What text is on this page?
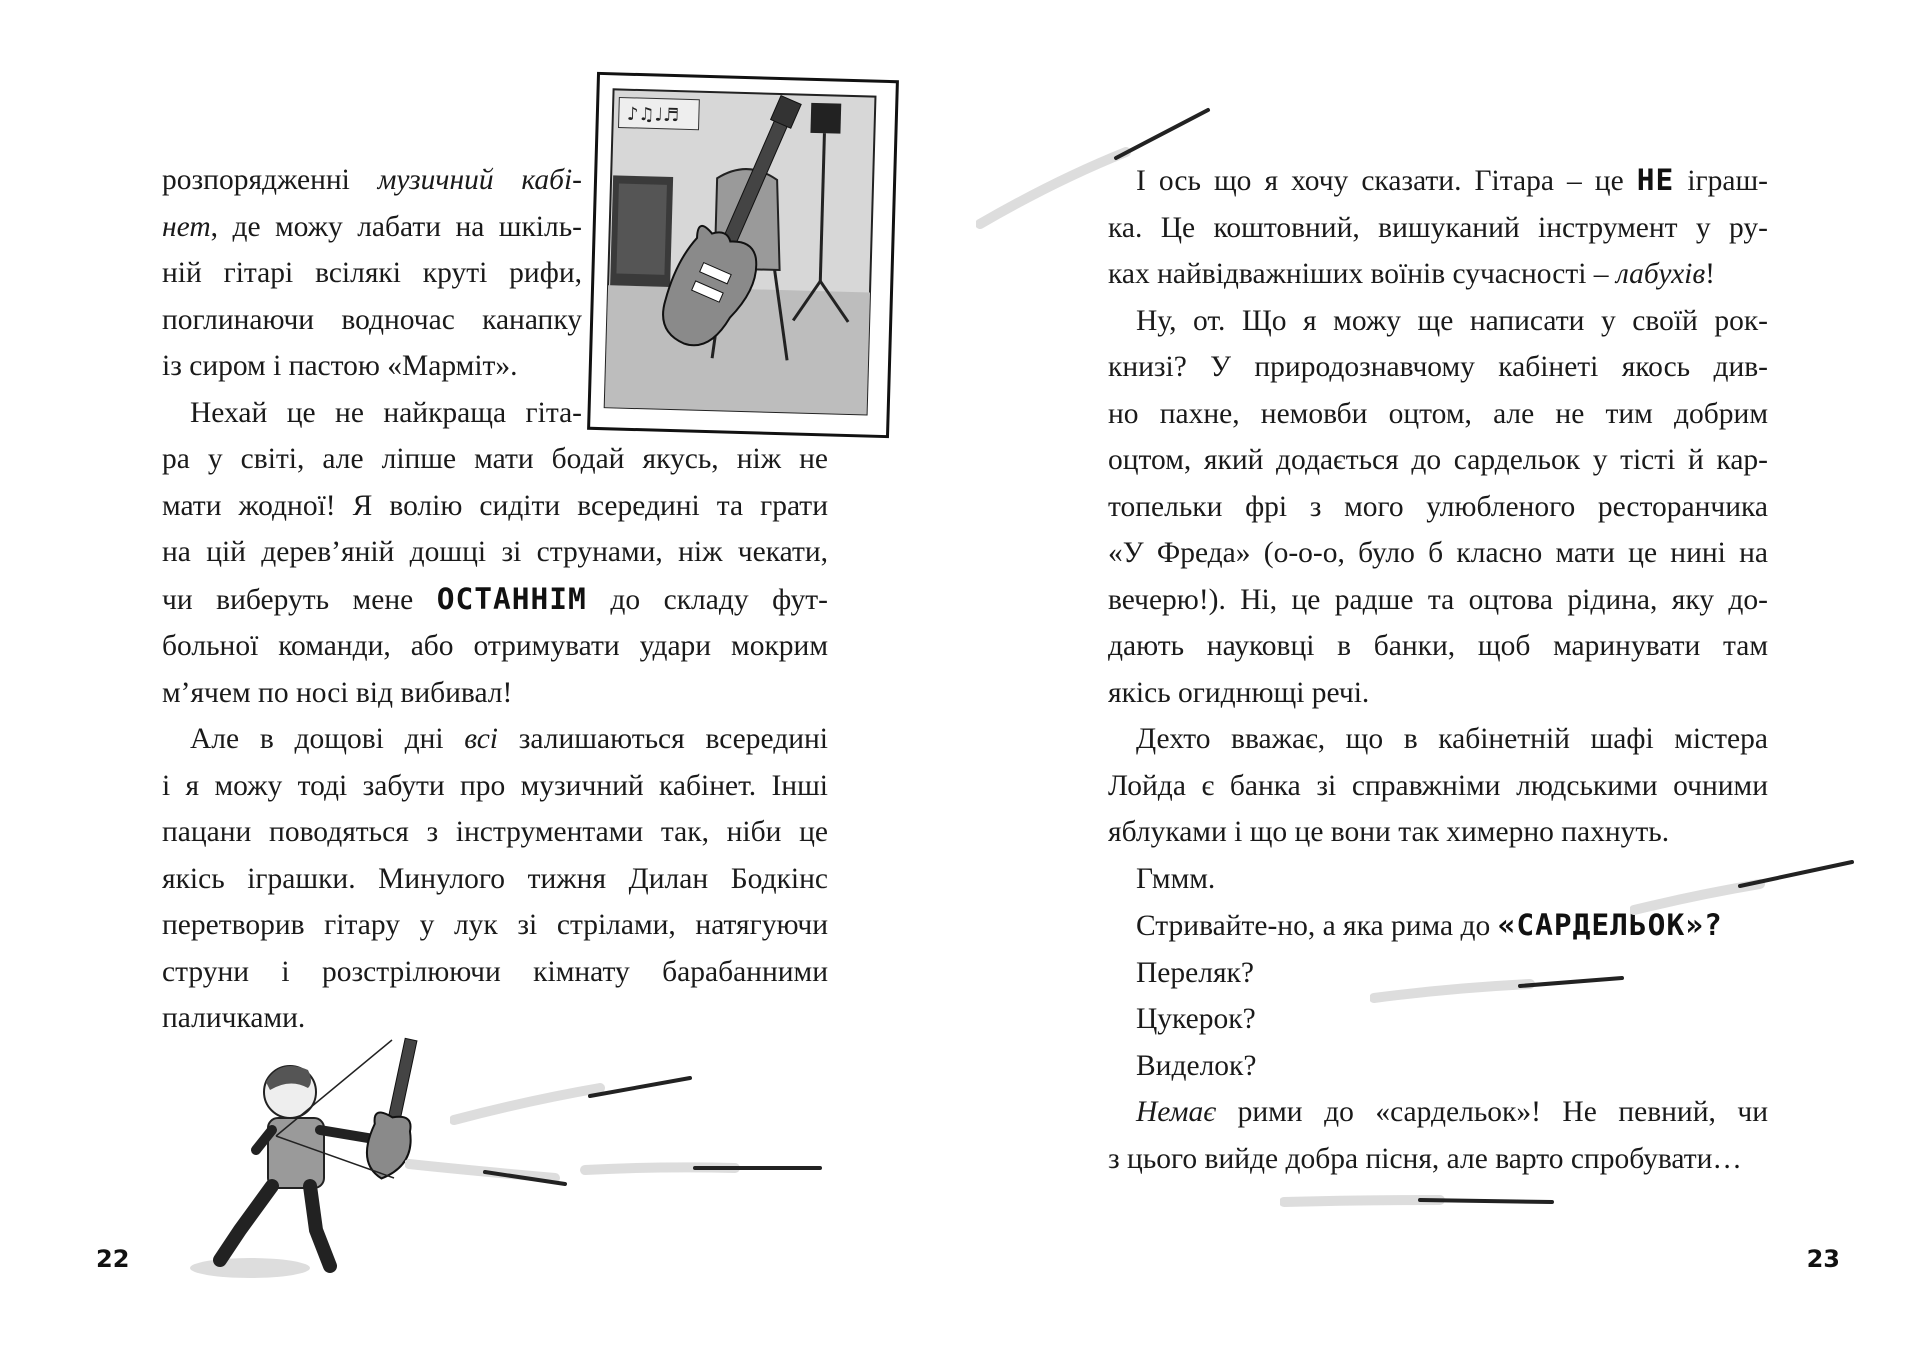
♪♫♩♬

розпорядженні музичний кабі-

нет, де можу лабати на шкіль-

ній гітарі всілякі круті рифи,

поглинаючи водночас канапку

із сиром і пастою «Марміт».

Нехай це не найкраща гіта-

ра у світі, але ліпше мати бодай якусь, ніж не

мати жодної! Я волію сидіти всередині та грати

на цій дерев’яній дошці зі струнами, ніж чекати,

чи виберуть мене ОСТАННІМ до складу фут-

больної команди, або отримувати удари мокрим

м’ячем по носі від вибивал!

Але в дощові дні всі залишаються всередині

і я можу тоді забути про музичний кабінет. Інші

пацани поводяться з інструментами так, ніби це

якісь іграшки. Минулого тижня Дилан Бодкінс

перетворив гітару у лук зі стрілами, натягуючи

струни і розстрілюючи кімнату барабанними

паличками.

22

І ось що я хочу сказати. Гітара – це НЕ іграш-

ка. Це коштовний, вишуканий інструмент у ру-

ках найвідважніших воїнів сучасності – лабухів!

Ну, от. Що я можу ще написати у своїй рок-

книзі? У природознавчому кабінеті якось див-

но пахне, немовби оцтом, але не тим добрим

оцтом, який додається до сардельок у тісті й кар-

топельки фрі з мого улюбленого ресторанчика

«У Фреда» (о-о-о, було б класно мати це нині на

вечерю!). Ні, це радше та оцтова рідина, яку до-

дають науковці в банки, щоб маринувати там

якісь огиднющі речі.

Дехто вважає, що в кабінетній шафі містера

Лойда є банка зі справжніми людськими очними

яблуками і що це вони так химерно пахнуть.

Гммм.

Стривайте-но, а яка рима до «САРДЕЛЬОК»?

Переляк?

Цукерок?

Виделок?

Немає рими до «сардельок»! Не певний, чи

з цього вийде добра пісня, але варто спробувати…

23
